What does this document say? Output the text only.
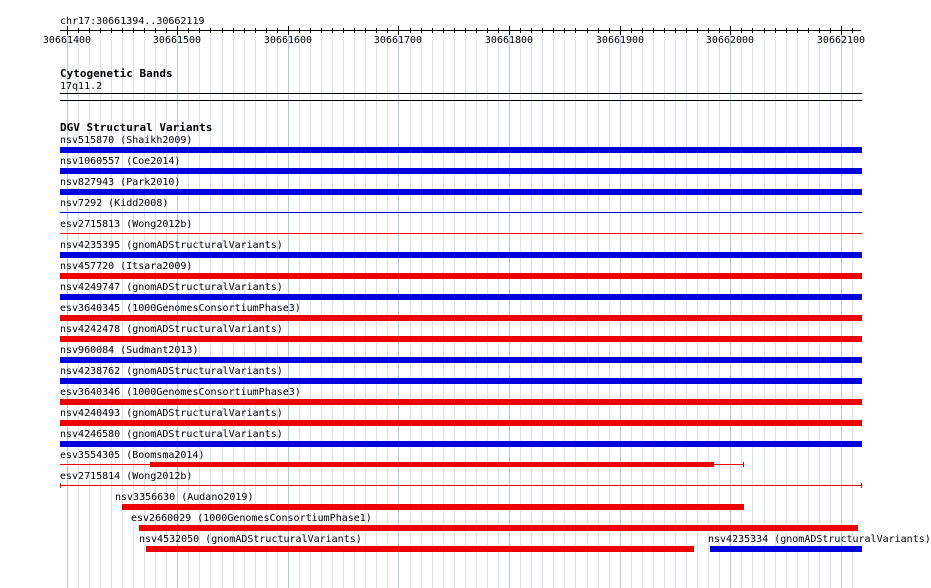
chr17:30661394..30662119
30661400	30661500	30661600	30661700	30661800	30661900	30662000	30662100
Cytogenetic Bands
17q11.2
DGV Structural Variants
nsv515870 (Shaikh2009)
nsv1060557 (Coe2014)
nsv827943 (Park2010)
nsv7292 (Kidd2008)
esv2715813 (Wong2012b)
nsv4235395 (gnomADStructuralVariants)
nsv457720 (Itsara2009)
nsv4249747 (gnomADStructuralVariants)
esv3640345 (1000GenomesConsortiumPhase3)
nsv4242478 (gnomADStructuralVariants)
nsv960084 (Sudmant2013)
nsv4238762 (gnomADStructuralVariants)
esv3640346 (1000GenomesConsortiumPhase3)
nsv4240493 (gnomADStructuralVariants)
nsv4246580 (gnomADStructuralVariants)
esv3554305 (Boomsma2014)
esv2715814 (Wong2012b)
nsv3356630 (Audano2019)
esv2660029 (1000GenomesConsortiumPhase1)
nsv4532050 (gnomADStructuralVariants)	nsv4235334 (gnomADStructuralVariants)
